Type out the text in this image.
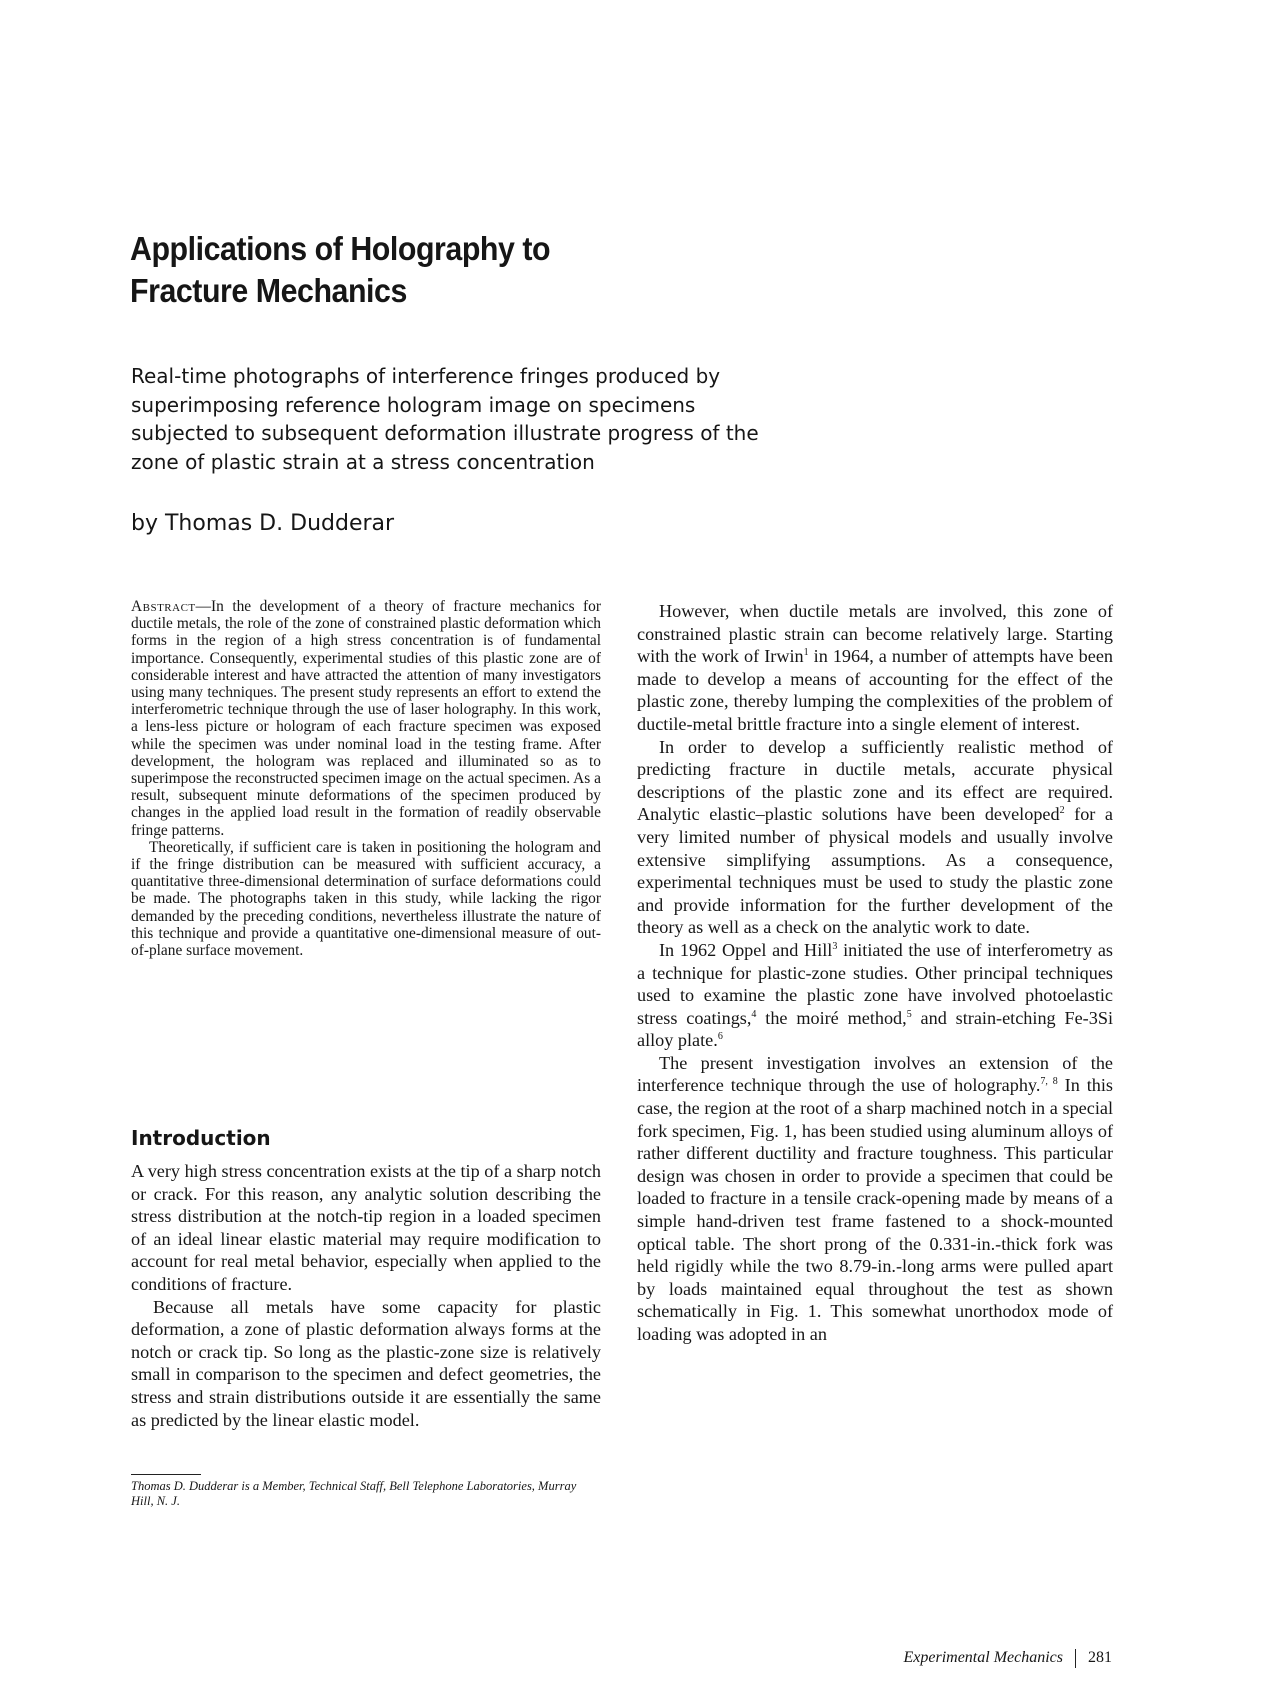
Applications of Holography to
Fracture Mechanics

Real-time photographs of interference fringes produced by superimposing reference hologram image on specimens subjected to subsequent deformation illustrate progress of the zone of plastic strain at a stress concentration

by Thomas D. Dudderar

Abstract—In the development of a theory of fracture mechanics for ductile metals, the role of the zone of constrained plastic deformation which forms in the region of a high stress concentration is of fundamental importance. Consequently, experimental studies of this plastic zone are of considerable interest and have attracted the attention of many investigators using many techniques. The present study represents an effort to extend the interferometric technique through the use of laser holography. In this work, a lens-less picture or hologram of each fracture specimen was exposed while the specimen was under nominal load in the testing frame. After development, the hologram was replaced and illuminated so as to superimpose the reconstructed specimen image on the actual specimen. As a result, subsequent minute deformations of the specimen produced by changes in the applied load result in the formation of readily observable fringe patterns.

Theoretically, if sufficient care is taken in positioning the hologram and if the fringe distribution can be measured with sufficient accuracy, a quantitative three-dimensional determination of surface deformations could be made. The photographs taken in this study, while lacking the rigor demanded by the preceding conditions, nevertheless illustrate the nature of this technique and provide a quantitative one-dimensional measure of out-of-plane surface movement.

Introduction

A very high stress concentration exists at the tip of a sharp notch or crack. For this reason, any analytic solution describing the stress distribution at the notch-tip region in a loaded specimen of an ideal linear elastic material may require modification to account for real metal behavior, especially when applied to the conditions of fracture.

Because all metals have some capacity for plastic deformation, a zone of plastic deformation always forms at the notch or crack tip. So long as the plastic-zone size is relatively small in comparison to the specimen and defect geometries, the stress and strain distributions outside it are essentially the same as predicted by the linear elastic model.

Thomas D. Dudderar is a Member, Technical Staff, Bell Telephone Laboratories, Murray Hill, N. J.

However, when ductile metals are involved, this zone of constrained plastic strain can become relatively large. Starting with the work of Irwin$^1$ in 1964, a number of attempts have been made to develop a means of accounting for the effect of the plastic zone, thereby lumping the complexities of the problem of ductile-metal brittle fracture into a single element of interest.

In order to develop a sufficiently realistic method of predicting fracture in ductile metals, accurate physical descriptions of the plastic zone and its effect are required. Analytic elastic–plastic solutions have been developed$^2$ for a very limited number of physical models and usually involve extensive simplifying assumptions. As a consequence, experimental techniques must be used to study the plastic zone and provide information for the further development of the theory as well as a check on the analytic work to date.

In 1962 Oppel and Hill$^3$ initiated the use of interferometry as a technique for plastic-zone studies. Other principal techniques used to examine the plastic zone have involved photoelastic stress coatings,$^4$ the moiré method,$^5$ and strain-etching Fe-3Si alloy plate.$^6$

The present investigation involves an extension of the interference technique through the use of holography.$^{7, 8}$ In this case, the region at the root of a sharp machined notch in a special fork specimen, Fig. 1, has been studied using aluminum alloys of rather different ductility and fracture toughness. This particular design was chosen in order to provide a specimen that could be loaded to fracture in a tensile crack-opening made by means of a simple hand-driven test frame fastened to a shock-mounted optical table. The short prong of the 0.331-in.-thick fork was held rigidly while the two 8.79-in.-long arms were pulled apart by loads maintained equal throughout the test as shown schematically in Fig. 1. This somewhat unorthodox mode of loading was adopted in an

Experimental Mechanics 281
